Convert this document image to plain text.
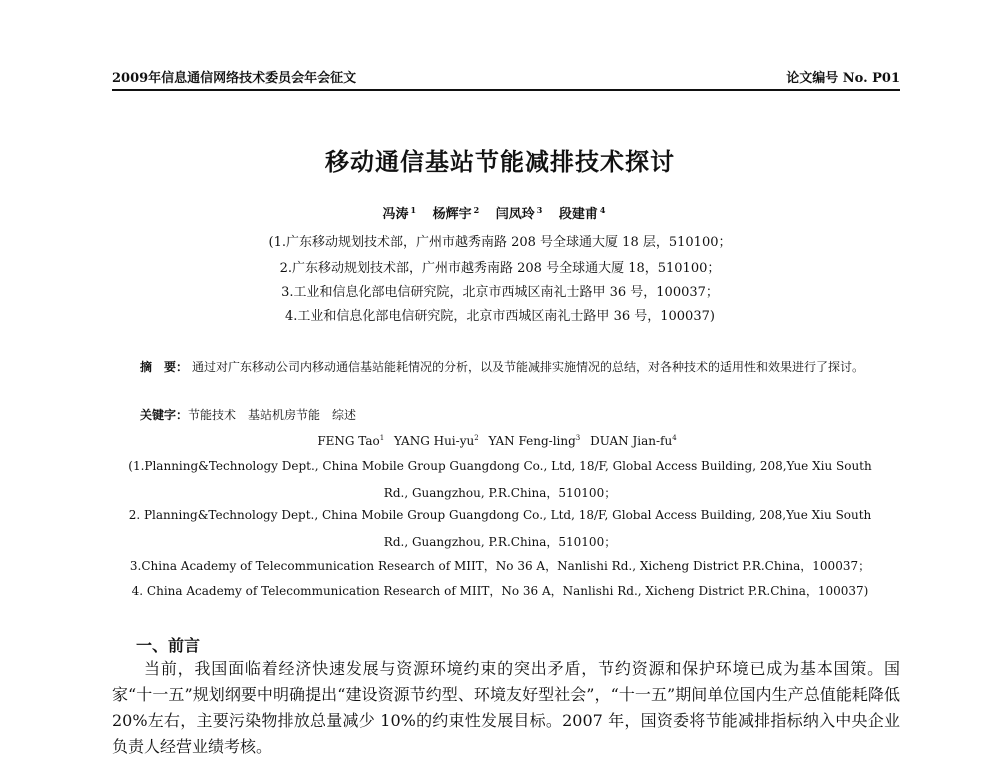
2009年信息通信网络技术委员会年会征文	论文编号 No. P01
移动通信基站节能减排技术探讨
冯涛 $^1$ 杨辉宇 $^2$ 闫凤玲 $^3$ 段建甫 $^4$
(1.广东移动规划技术部，广州市越秀南路 208 号全球通大厦 18 层，510100；
2.广东移动规划技术部，广州市越秀南路 208 号全球通大厦 18，510100；
3.工业和信息化部电信研究院，北京市西城区南礼士路甲 36 号，100037；
4.工业和信息化部电信研究院，北京市西城区南礼士路甲 36 号，100037)
摘　要： 通过对广东移动公司内移动通信基站能耗情况的分析，以及节能减排实施情况的总结，对各种技术的适用性和效果进行了探讨。
关键字：节能技术　基站机房节能　综述
FENG Tao$^1$ YANG Hui-$yu^2$ YAN Feng-ling$^3$ DUAN Jian-$fu^4$
(1.Planning&Technology Dept., China Mobile Group Guangdong Co., Ltd, 18/F, Global Access Building, 208,Yue Xiu South
Rd., Guangzhou, P.R.China，510100；
2. Planning&Technology Dept., China Mobile Group Guangdong Co., Ltd, 18/F, Global Access Building, 208,Yue Xiu South
Rd., Guangzhou, P.R.China，510100；
3.China Academy of Telecommunication Research of MIIT，No 36 A，Nanlishi Rd., Xicheng District P.R.China，100037；
4. China Academy of Telecommunication Research of MIIT，No 36 A，Nanlishi Rd., Xicheng District P.R.China，100037)
一、前言

当前，我国面临着经济快速发展与资源环境约束的突出矛盾，节约资源和保护环境已成为基本国策。国家“十一五”规划纲要中明确提出“建设资源节约型、环境友好型社会”，“十一五”期间单位国内生产总值能耗降低 20%左右，主要污染物排放总量减少 10%的约束性发展目标。2007 年，国资委将节能减排指标纳入中央企业负责人经营业绩考核。
